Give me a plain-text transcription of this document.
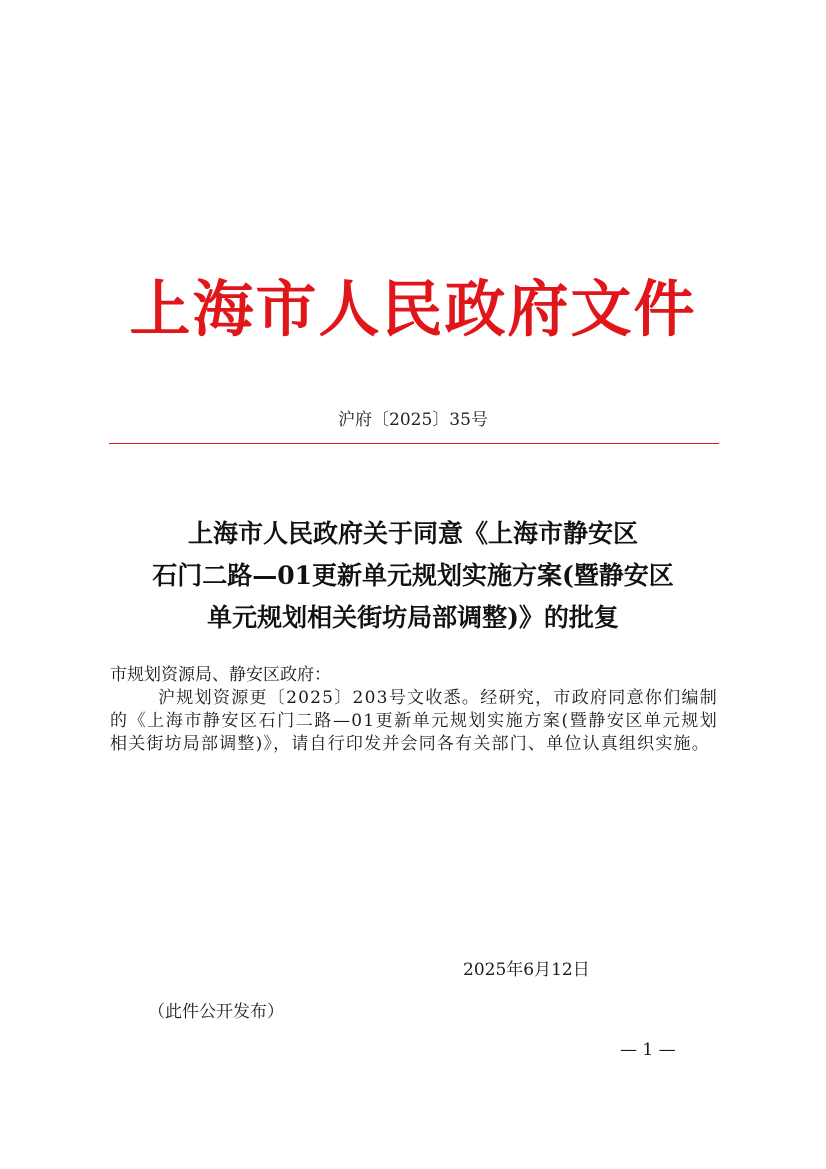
上海市人民政府文件
沪府〔2025〕35号
上海市人民政府关于同意《上海市静安区
石门二路—01更新单元规划实施方案(暨静安区
单元规划相关街坊局部调整)》的批复
市规划资源局、静安区政府：
沪规划资源更〔2025〕203号文收悉。经研究，市政府同意你们编制的《上海市静安区石门二路—01更新单元规划实施方案(暨静安区单元规划相关街坊局部调整)》，请自行印发并会同各有关部门、单位认真组织实施。
2025年6月12日
（此件公开发布）
— 1 —
